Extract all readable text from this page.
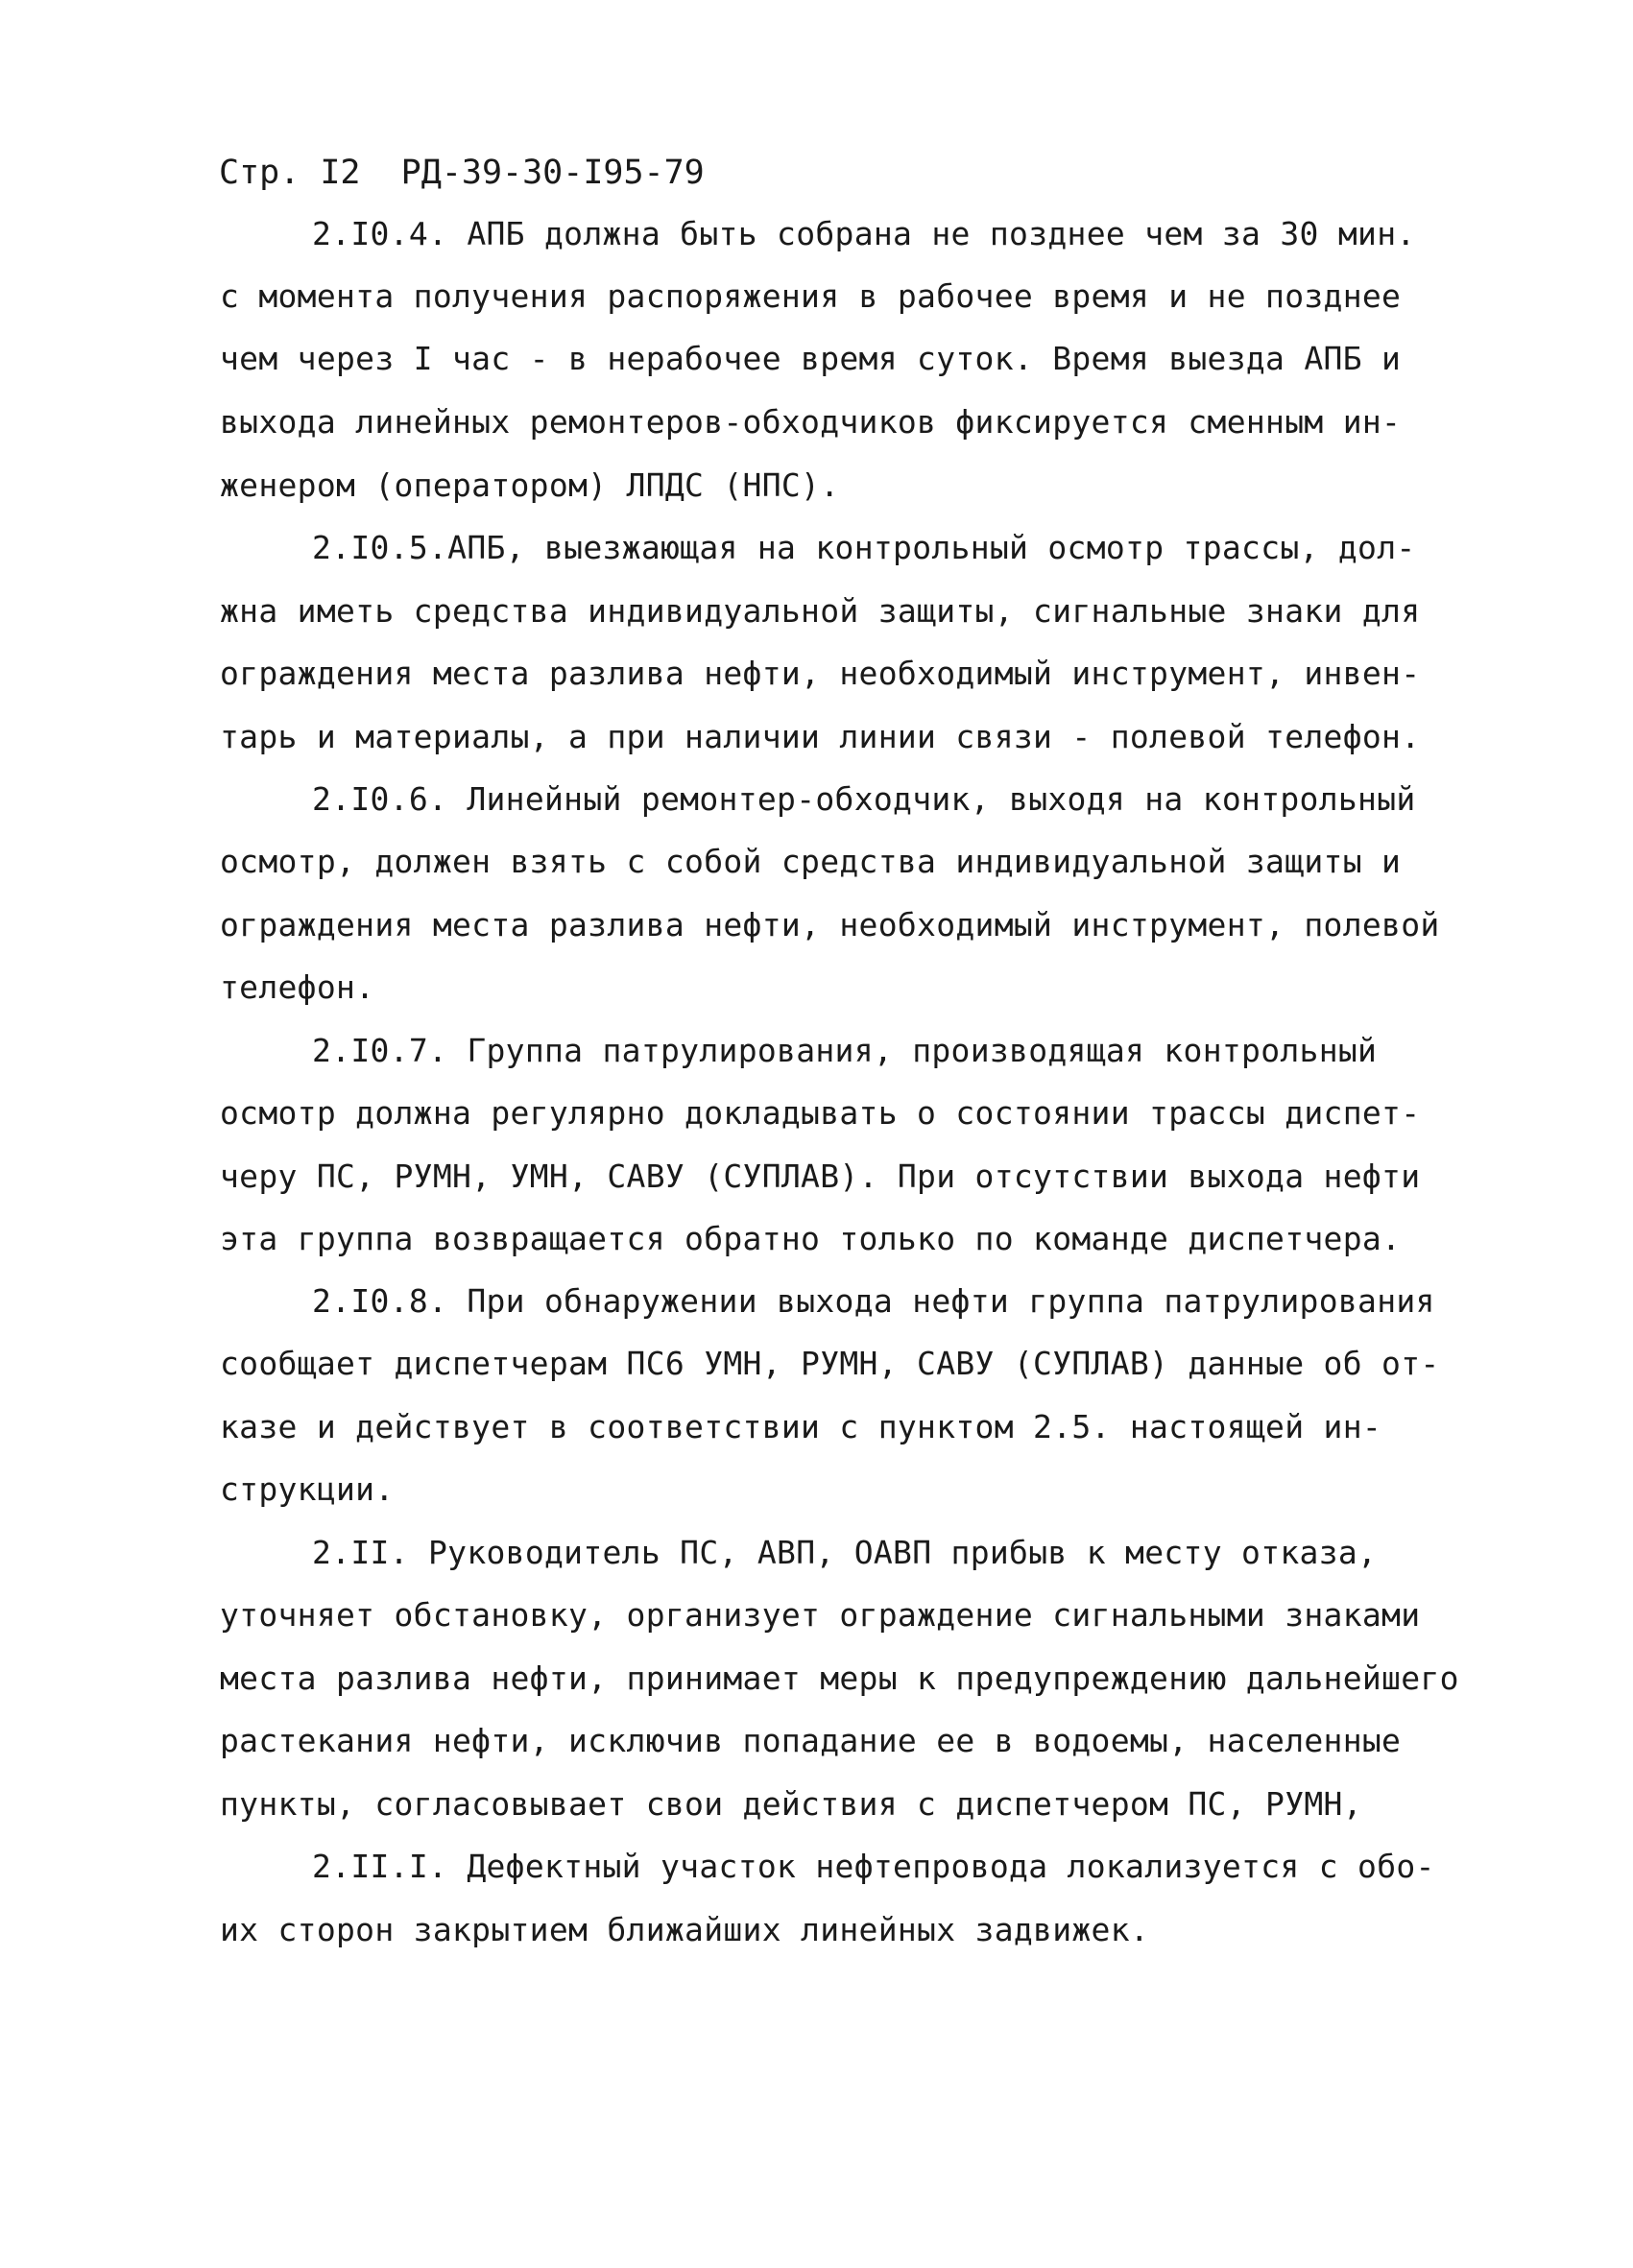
Стр. I2 РД-39-30-I95-79
2.I0.4. АПБ должна быть собрана не позднее чем за 30 мин.
с момента получения распоряжения в рабочее время и не позднее
чем через I час - в нерабочее время суток. Время выезда АПБ и
выхода линейных ремонтеров-обходчиков фиксируется сменным ин-
женером (оператором) ЛПДС (НПС).
2.I0.5.АПБ, выезжающая на контрольный осмотр трассы, дол-
жна иметь средства индивидуальной защиты, сигнальные знаки для
ограждения места разлива нефти, необходимый инструмент, инвен-
тарь и материалы, а при наличии линии связи - полевой телефон.
2.I0.6. Линейный ремонтер-обходчик, выходя на контрольный
осмотр, должен взять с собой средства индивидуальной защиты и
ограждения места разлива нефти, необходимый инструмент, полевой
телефон.
2.I0.7. Группа патрулирования, производящая контрольный
осмотр должна регулярно докладывать о состоянии трассы диспет-
черу ПС, РУМН, УМН, САВУ (СУПЛАВ). При отсутствии выхода нефти
эта группа возвращается обратно только по команде диспетчера.
2.I0.8. При обнаружении выхода нефти группа патрулирования
сообщает диспетчерам ПС6 УМН, РУМН, САВУ (СУПЛАВ) данные об от-
казе и действует в соответствии с пунктом 2.5. настоящей ин-
струкции.
2.II. Руководитель ПС, АВП, ОАВП прибыв к месту отказа,
уточняет обстановку, организует ограждение сигнальными знаками
места разлива нефти, принимает меры к предупреждению дальнейшего
растекания нефти, исключив попадание ее в водоемы, населенные
пункты, согласовывает свои действия с диспетчером ПС, РУМН,
2.II.I. Дефектный участок нефтепровода локализуется с обо-
их сторон закрытием ближайших линейных задвижек.
